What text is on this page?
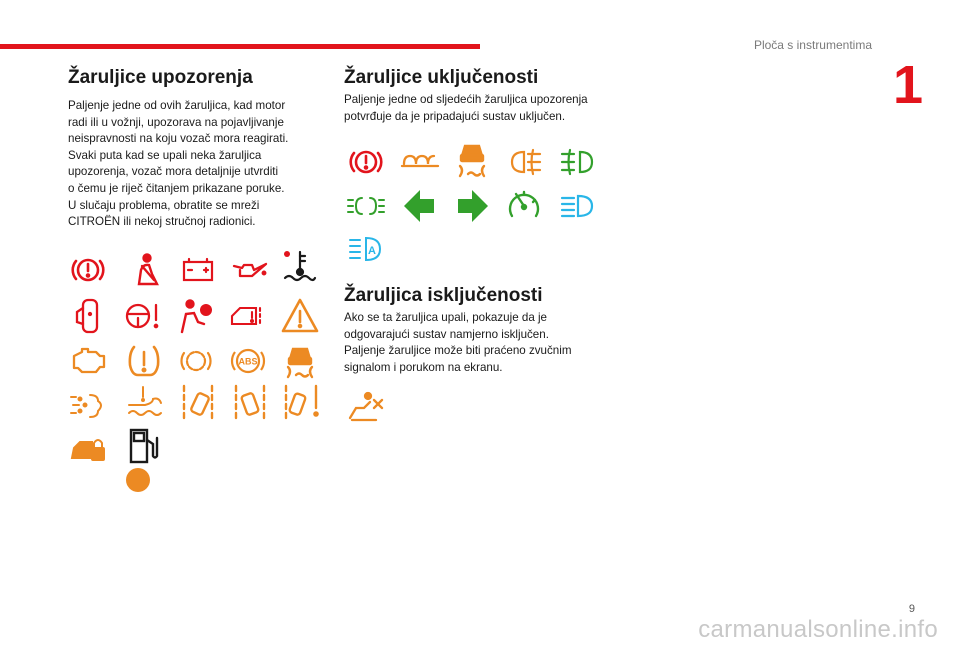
Ploča s instrumentima
1
Žaruljice upozorenja
Paljenje jedne od ovih žaruljica, kad motor
radi ili u vožnji, upozorava na pojavljivanje
neispravnosti na koju vozač mora reagirati.
Svaki puta kad se upali neka žaruljica
upozorenja, vozač mora detaljnije utvrditi
o čemu je riječ čitanjem prikazane poruke.
U slučaju problema, obratite se mreži
CITROËN ili nekoj stručnoj radionici.
ABS
Žaruljice uključenosti
Paljenje jedne od sljedećih žaruljica upozorenja
potvrđuje da je pripadajući sustav uključen.
A
Žaruljica isključenosti
Ako se ta žaruljica upali, pokazuje da je
odgovarajući sustav namjerno isključen.
Paljenje žaruljice može biti praćeno zvučnim
signalom i porukom na ekranu.
9
carmanualsonline.info
